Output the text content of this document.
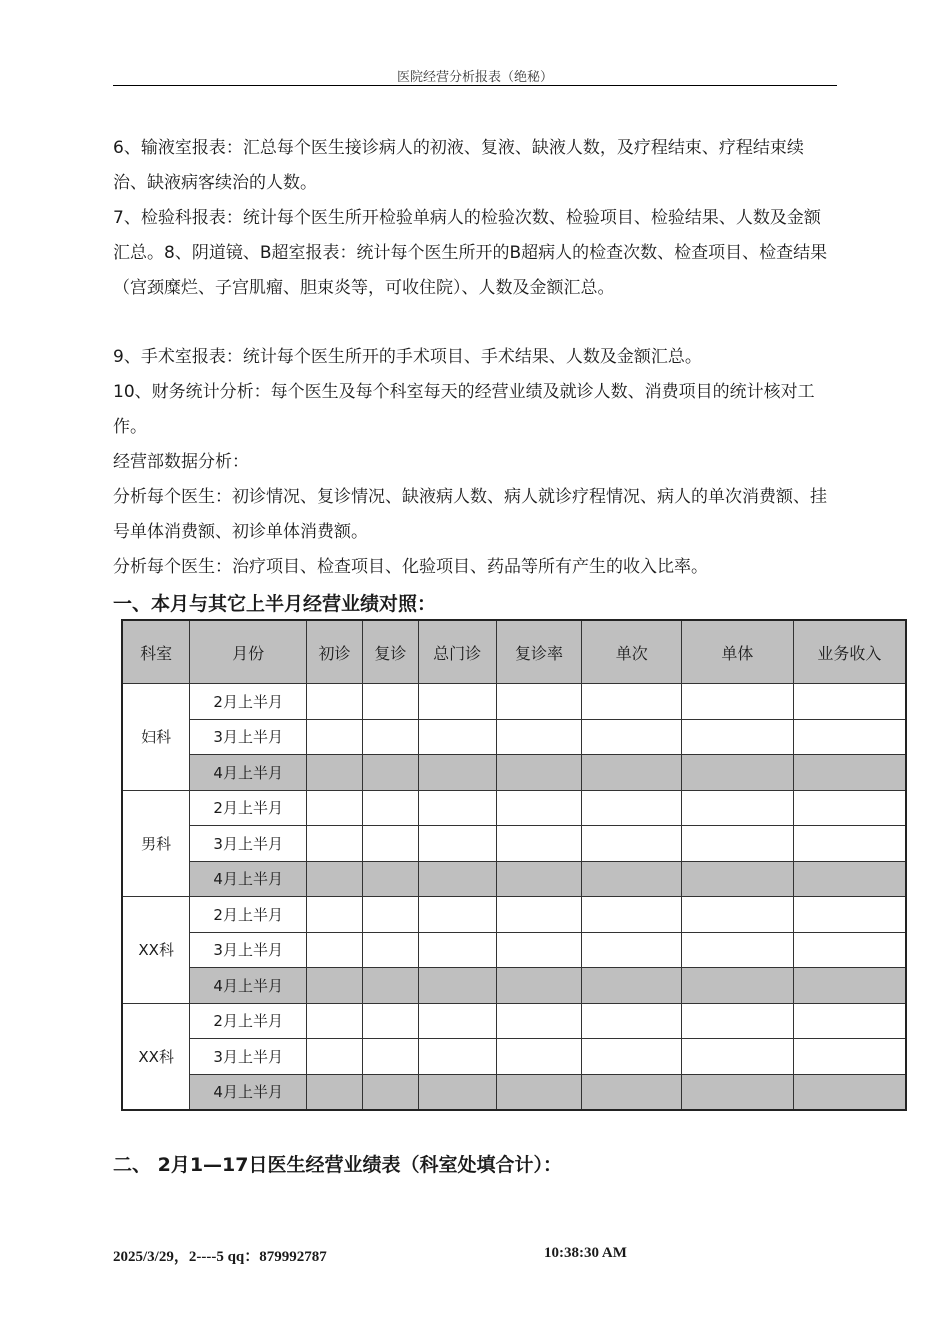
医院经营分析报表（绝秘）

6、输液室报表：汇总每个医生接诊病人的初液、复液、缺液人数，及疗程结束、疗程结束续治、缺液病客续治的人数。

7、检验科报表：统计每个医生所开检验单病人的检验次数、检验项目、检验结果、人数及金额汇总。8、阴道镜、B超室报表：统计每个医生所开的B超病人的检查次数、检查项目、检查结果（宫颈糜烂、子宫肌瘤、胆束炎等，可收住院）、人数及金额汇总。

9、手术室报表：统计每个医生所开的手术项目、手术结果、人数及金额汇总。

10、财务统计分析：每个医生及每个科室每天的经营业绩及就诊人数、消费项目的统计核对工作。

经营部数据分析：

分析每个医生：初诊情况、复诊情况、缺液病人数、病人就诊疗程情况、病人的单次消费额、挂号单体消费额、初诊单体消费额。

分析每个医生：治疗项目、检查项目、化验项目、药品等所有产生的收入比率。

一、本月与其它上半月经营业绩对照：
科室	月份	初诊	复诊	总门诊	复诊率	单次	单体	业务收入
妇科	2月上半月							
	3月上半月							
	4月上半月							
男科	2月上半月							
	3月上半月							
	4月上半月							
XX科	2月上半月							
	3月上半月							
	4月上半月							
XX科	2月上半月							
	3月上半月							
	4月上半月							
二、 2月1—17日医生经营业绩表（科室处填合计）：
2025/3/29，2----5 qq：879992787	10:38:30 AM
